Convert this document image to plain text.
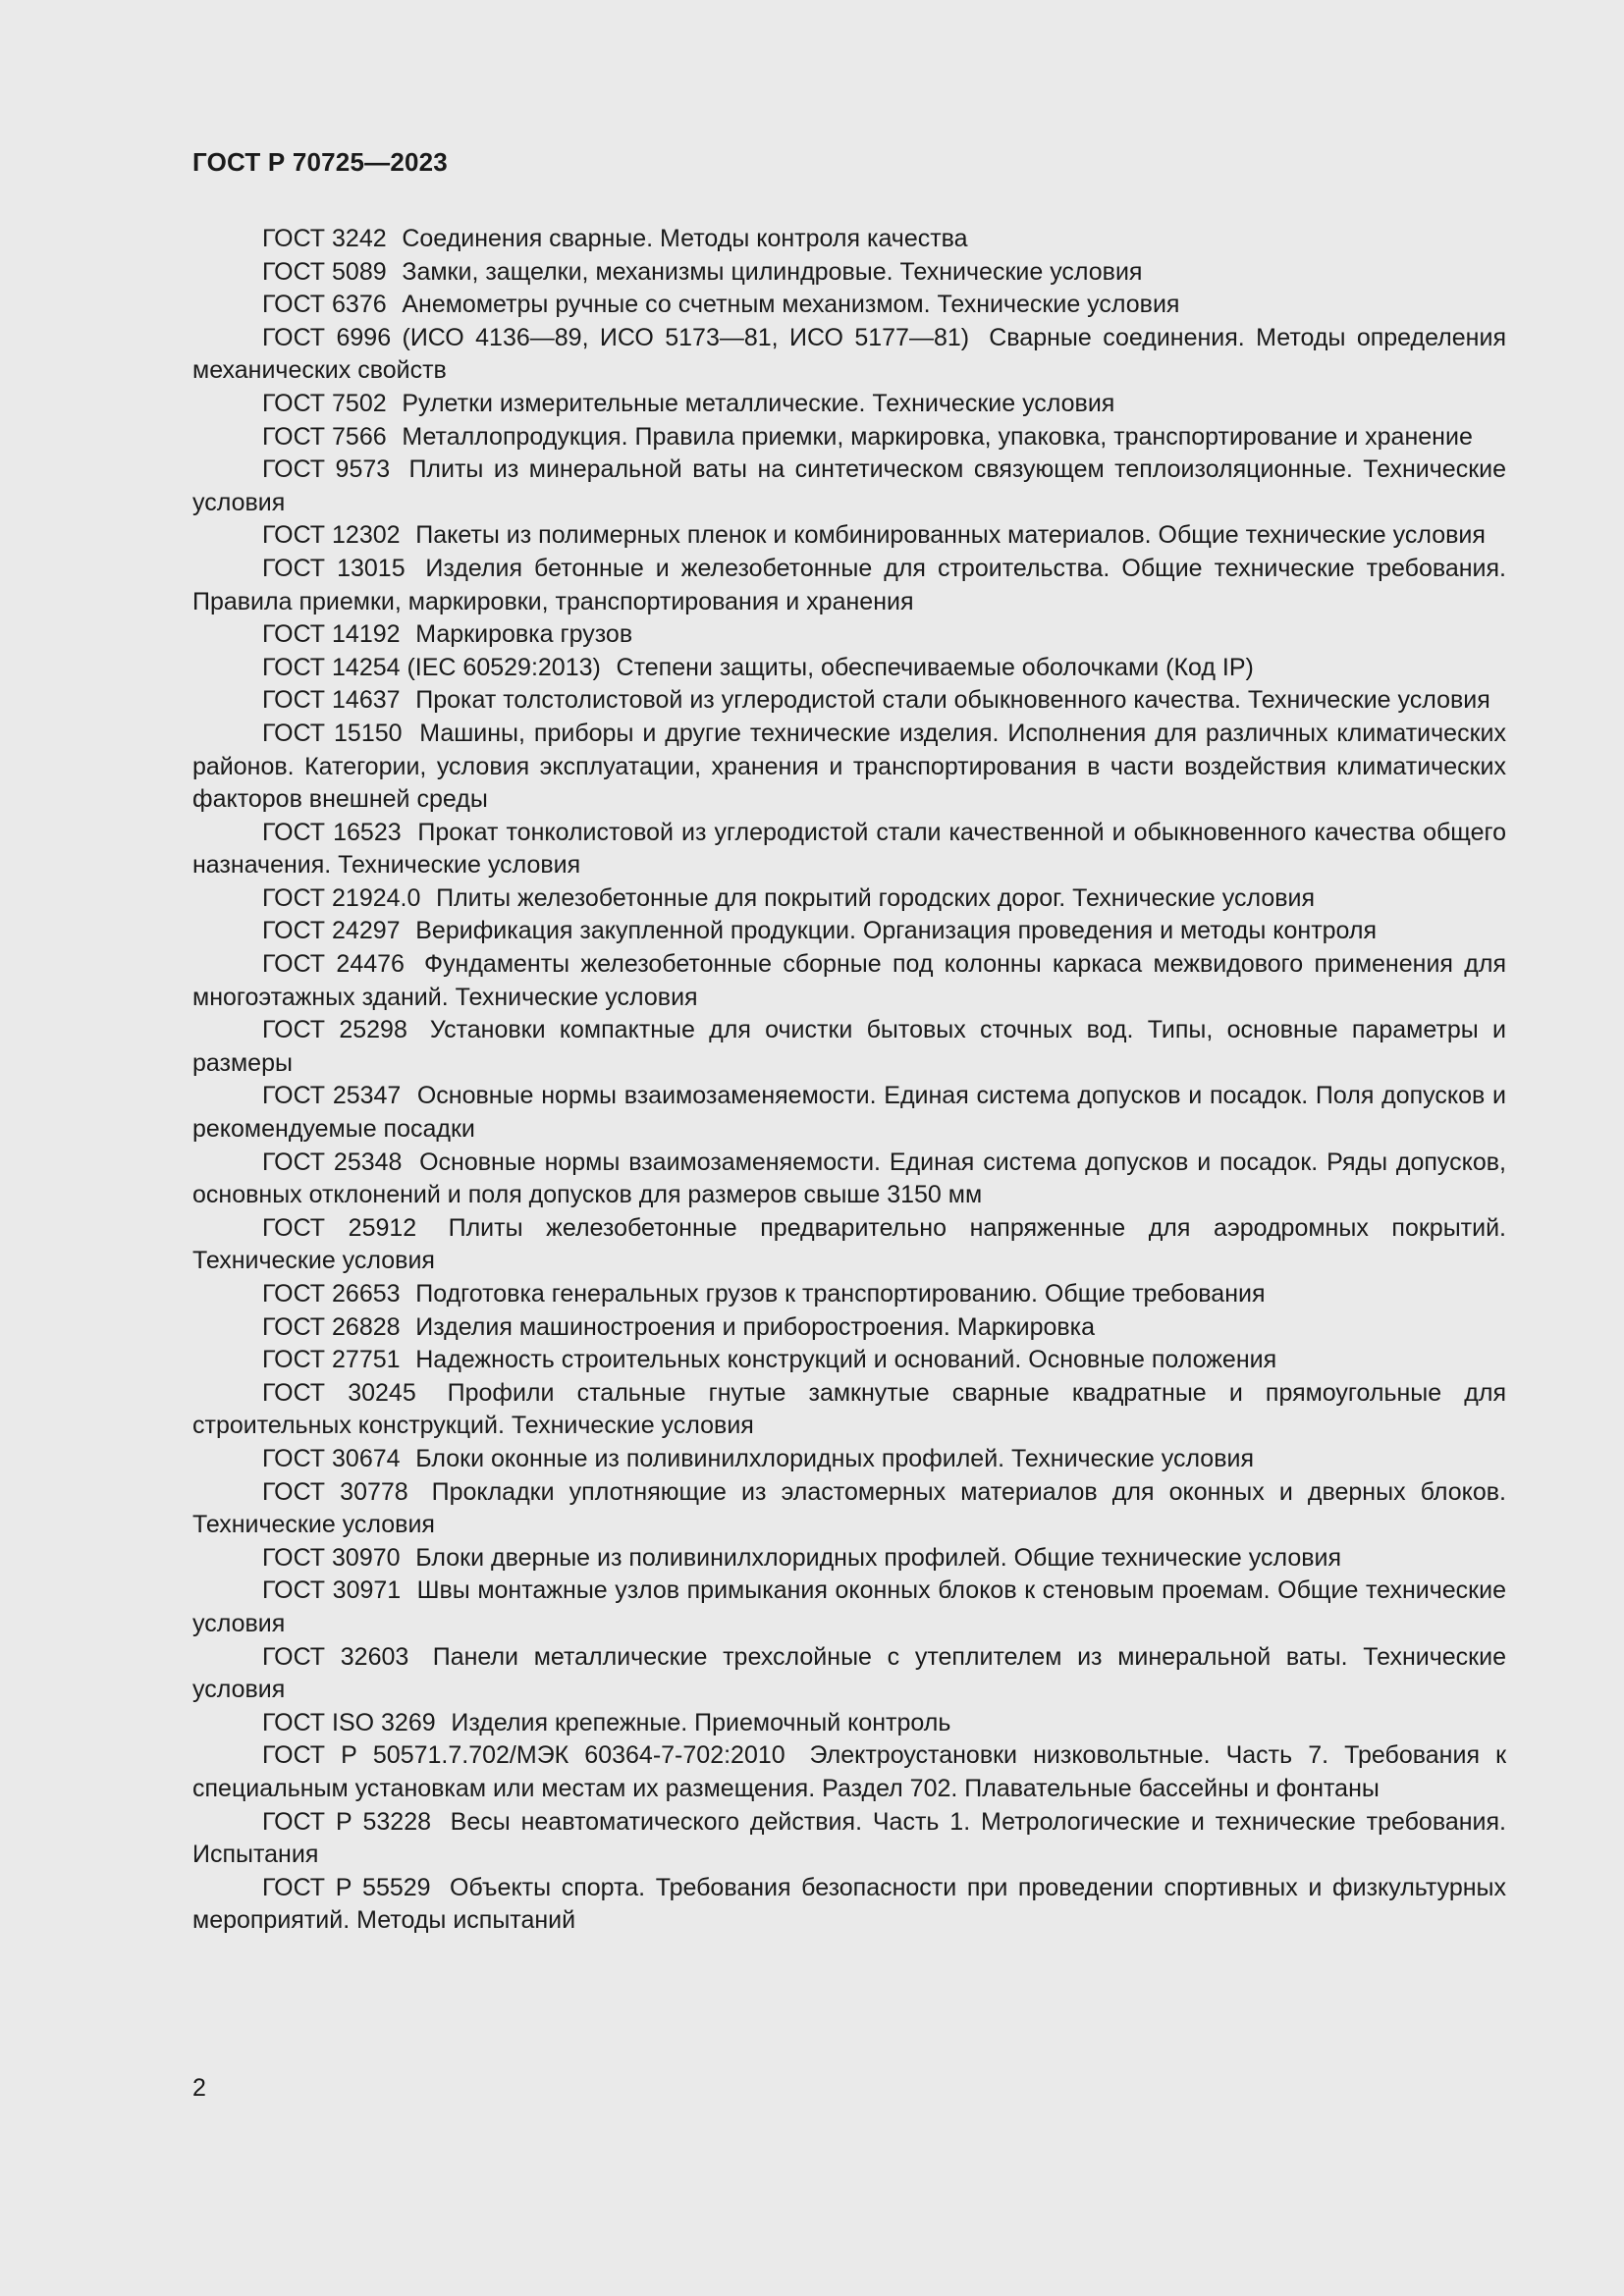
ГОСТ Р 70725—2023

ГОСТ 3242 Соединения сварные. Методы контроля качества

ГОСТ 5089 Замки, защелки, механизмы цилиндровые. Технические условия

ГОСТ 6376 Анемометры ручные со счетным механизмом. Технические условия

ГОСТ 6996 (ИСО 4136—89, ИСО 5173—81, ИСО 5177—81) Сварные соединения. Методы определения механических свойств

ГОСТ 7502 Рулетки измерительные металлические. Технические условия

ГОСТ 7566 Металлопродукция. Правила приемки, маркировка, упаковка, транспортирование и хранение

ГОСТ 9573 Плиты из минеральной ваты на синтетическом связующем теплоизоляционные. Технические условия

ГОСТ 12302 Пакеты из полимерных пленок и комбинированных материалов. Общие технические условия

ГОСТ 13015 Изделия бетонные и железобетонные для строительства. Общие технические требования. Правила приемки, маркировки, транспортирования и хранения

ГОСТ 14192 Маркировка грузов

ГОСТ 14254 (IEC 60529:2013) Степени защиты, обеспечиваемые оболочками (Код IP)

ГОСТ 14637 Прокат толстолистовой из углеродистой стали обыкновенного качества. Технические условия

ГОСТ 15150 Машины, приборы и другие технические изделия. Исполнения для различных климатических районов. Категории, условия эксплуатации, хранения и транспортирования в части воздействия климатических факторов внешней среды

ГОСТ 16523 Прокат тонколистовой из углеродистой стали качественной и обыкновенного качества общего назначения. Технические условия

ГОСТ 21924.0 Плиты железобетонные для покрытий городских дорог. Технические условия

ГОСТ 24297 Верификация закупленной продукции. Организация проведения и методы контроля

ГОСТ 24476 Фундаменты железобетонные сборные под колонны каркаса межвидового применения для многоэтажных зданий. Технические условия

ГОСТ 25298 Установки компактные для очистки бытовых сточных вод. Типы, основные параметры и размеры

ГОСТ 25347 Основные нормы взаимозаменяемости. Единая система допусков и посадок. Поля допусков и рекомендуемые посадки

ГОСТ 25348 Основные нормы взаимозаменяемости. Единая система допусков и посадок. Ряды допусков, основных отклонений и поля допусков для размеров свыше 3150 мм

ГОСТ 25912 Плиты железобетонные предварительно напряженные для аэродромных покрытий. Технические условия

ГОСТ 26653 Подготовка генеральных грузов к транспортированию. Общие требования

ГОСТ 26828 Изделия машиностроения и приборостроения. Маркировка

ГОСТ 27751 Надежность строительных конструкций и оснований. Основные положения

ГОСТ 30245 Профили стальные гнутые замкнутые сварные квадратные и прямоугольные для строительных конструкций. Технические условия

ГОСТ 30674 Блоки оконные из поливинилхлоридных профилей. Технические условия

ГОСТ 30778 Прокладки уплотняющие из эластомерных материалов для оконных и дверных блоков. Технические условия

ГОСТ 30970 Блоки дверные из поливинилхлоридных профилей. Общие технические условия

ГОСТ 30971 Швы монтажные узлов примыкания оконных блоков к стеновым проемам. Общие технические условия

ГОСТ 32603 Панели металлические трехслойные с утеплителем из минеральной ваты. Технические условия

ГОСТ ISO 3269 Изделия крепежные. Приемочный контроль

ГОСТ Р 50571.7.702/МЭК 60364-7-702:2010 Электроустановки низковольтные. Часть 7. Требования к специальным установкам или местам их размещения. Раздел 702. Плавательные бассейны и фонтаны

ГОСТ Р 53228 Весы неавтоматического действия. Часть 1. Метрологические и технические требования. Испытания

ГОСТ Р 55529 Объекты спорта. Требования безопасности при проведении спортивных и физкультурных мероприятий. Методы испытаний

2
